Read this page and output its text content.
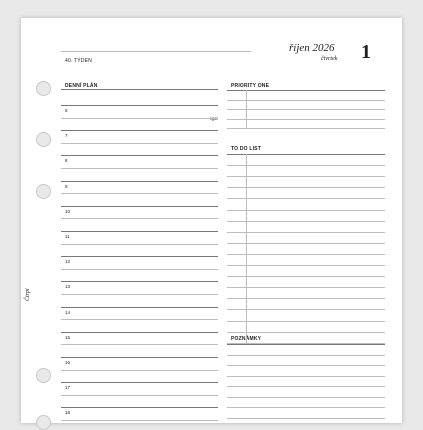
40. TÝDEN
říjen 2026
čtvrtek 1
Čtrpi
DENNÍ PLÁN
Igor
8
7
8
9
10
11
12
13
14
15
16
17
18
PRIORITY ONE
TO DO LIST
POZNÁMKY
